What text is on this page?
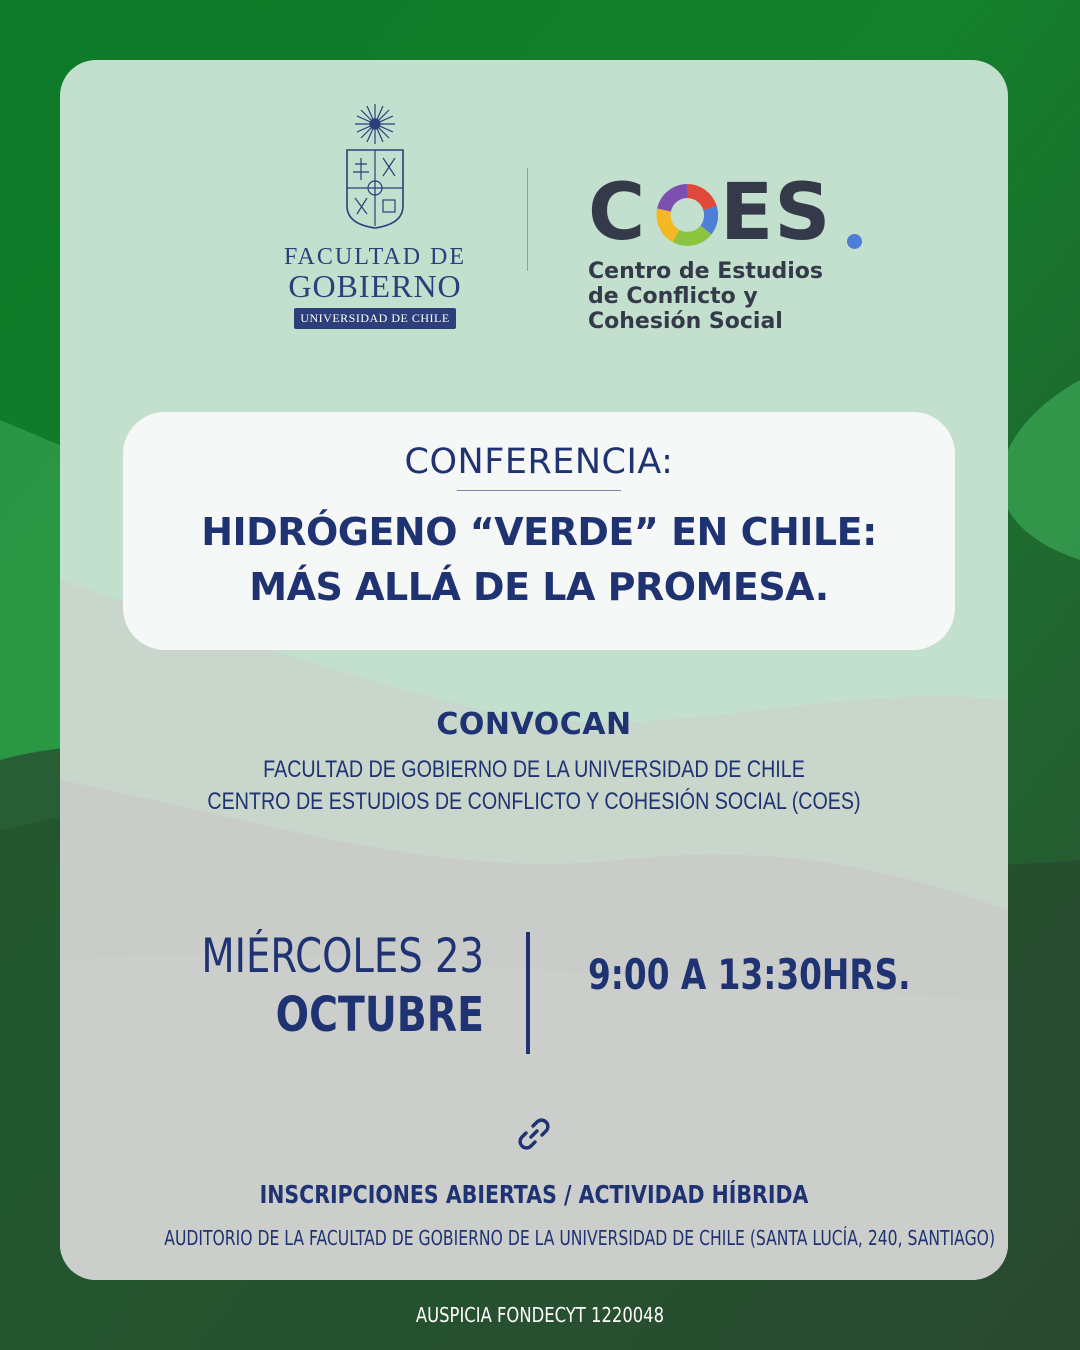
FACULTAD DE
GOBIERNO
UNIVERSIDAD DE CHILE
C ES
Centro de Estudios
de Conflicto y
Cohesión Social
CONFERENCIA:
HIDRÓGENO “VERDE” EN CHILE:
MÁS ALLÁ DE LA PROMESA.
CONVOCAN
FACULTAD DE GOBIERNO DE LA UNIVERSIDAD DE CHILE
CENTRO DE ESTUDIOS DE CONFLICTO Y COHESIÓN SOCIAL (COES)
MIÉRCOLES 23
OCTUBRE
9:00 A 13:30HRS.
INSCRIPCIONES ABIERTAS / ACTIVIDAD HÍBRIDA
AUDITORIO DE LA FACULTAD DE GOBIERNO DE LA UNIVERSIDAD DE CHILE (SANTA LUCÍA, 240, SANTIAGO)
AUSPICIA FONDECYT 1220048
